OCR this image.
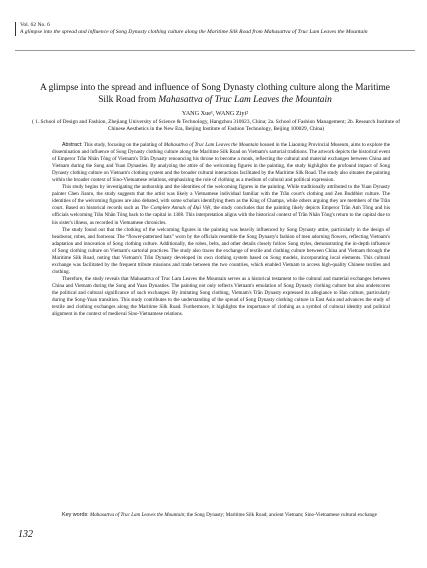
Vol. 62 No. 6
A glimpse into the spread and influence of Song Dynasty clothing culture along the Maritime Silk Road from Mahasattva of Truc Lam Leaves the Mountain
A glimpse into the spread and influence of Song Dynasty clothing culture along the Maritime Silk Road from Mahasattva of Truc Lam Leaves the Mountain
YANG Xue¹, WANG Ziyi²
( 1. School of Design and Fashion, Zhejiang University of Science & Technology, Hangzhou 310023, China; 2a. School of Fashion Management; 2b. Research Institute of Chinese Aesthetics in the New Era, Beijing Institute of Fashion Technology, Beijing 100029, China)

Abstract: This study, focusing on the painting of Mahasattva of Truc Lam Leaves the Mountain housed in the Liaoning Provincial Museum, aims to explore the dissemination and influence of Song Dynasty clothing culture along the Maritime Silk Road on Vietnam's sartorial traditions. The artwork depicts the historical event of Emperor Trần Nhân Tông of Vietnam's Trần Dynasty renouncing his throne to become a monk, reflecting the cultural and material exchanges between China and Vietnam during the Song and Yuan Dynasties. By analyzing the attire of the welcoming figures in the painting, the study highlights the profound impact of Song Dynasty clothing culture on Vietnam's clothing system and the broader cultural interactions facilitated by the Maritime Silk Road. The study also situates the painting within the broader context of Sino-Vietnamese relations, emphasizing the role of clothing as a medium of cultural and political expression.

This study begins by investigating the authorship and the identities of the welcoming figures in the painting. While traditionally attributed to the Yuan Dynasty painter Chen Jianru, the study suggests that the artist was likely a Vietnamese individual familiar with the Trần court's clothing and Zen Buddhist culture. The identities of the welcoming figures are also debated, with some scholars identifying them as the King of Champa, while others arguing they are members of the Trần court. Based on historical records such as The Complete Annals of Đại Việt, the study concludes that the painting likely depicts Emperor Trần Anh Tông and his officials welcoming Trần Nhân Tông back to the capital in 1308. This interpretation aligns with the historical context of Trần Nhân Tông's return to the capital due to his sister's illness, as recorded in Vietnamese chronicles.

The study found out that the clothing of the welcoming figures in the painting was heavily influenced by Song Dynasty attire, particularly in the design of headwear, robes, and footwear. The “flower-patterned hats” worn by the officials resemble the Song Dynasty's fashion of men adorning flowers, reflecting Vietnam's adaptation and innovation of Song clothing culture. Additionally, the robes, belts, and other details closely follow Song styles, demonstrating the in-depth influence of Song clothing culture on Vietnam's sartorial practices. The study also traces the exchange of textile and clothing culture between China and Vietnam through the Maritime Silk Road, noting that Vietnam's Trần Dynasty developed its own clothing system based on Song models, incorporating local elements. This cultural exchange was facilitated by the frequent tribute missions and trade between the two countries, which enabled Vietnam to access high-quality Chinese textiles and clothing.

Therefore, the study reveals that Mahasattva of Truc Lam Leaves the Mountain serves as a historical testament to the cultural and material exchanges between China and Vietnam during the Song and Yuan Dynasties. The painting not only reflects Vietnam's emulation of Song Dynasty clothing culture but also underscores the political and cultural significance of such exchanges. By imitating Song clothing, Vietnam's Trần Dynasty expressed its allegiance to Han culture, particularly during the Song-Yuan transition. This study contributes to the understanding of the spread of Song Dynasty clothing culture in East Asia and advances the study of textile and clothing exchanges along the Maritime Silk Road. Furthermore, it highlights the importance of clothing as a symbol of cultural identity and political alignment in the context of medieval Sino-Vietnamese relations.

Key words: Mahasattva of Truc Lam Leaves the Mountain; the Song Dynasty; Maritime Silk Road; ancient Vietnam; Sino-Vietnamese cultural exchange
132
